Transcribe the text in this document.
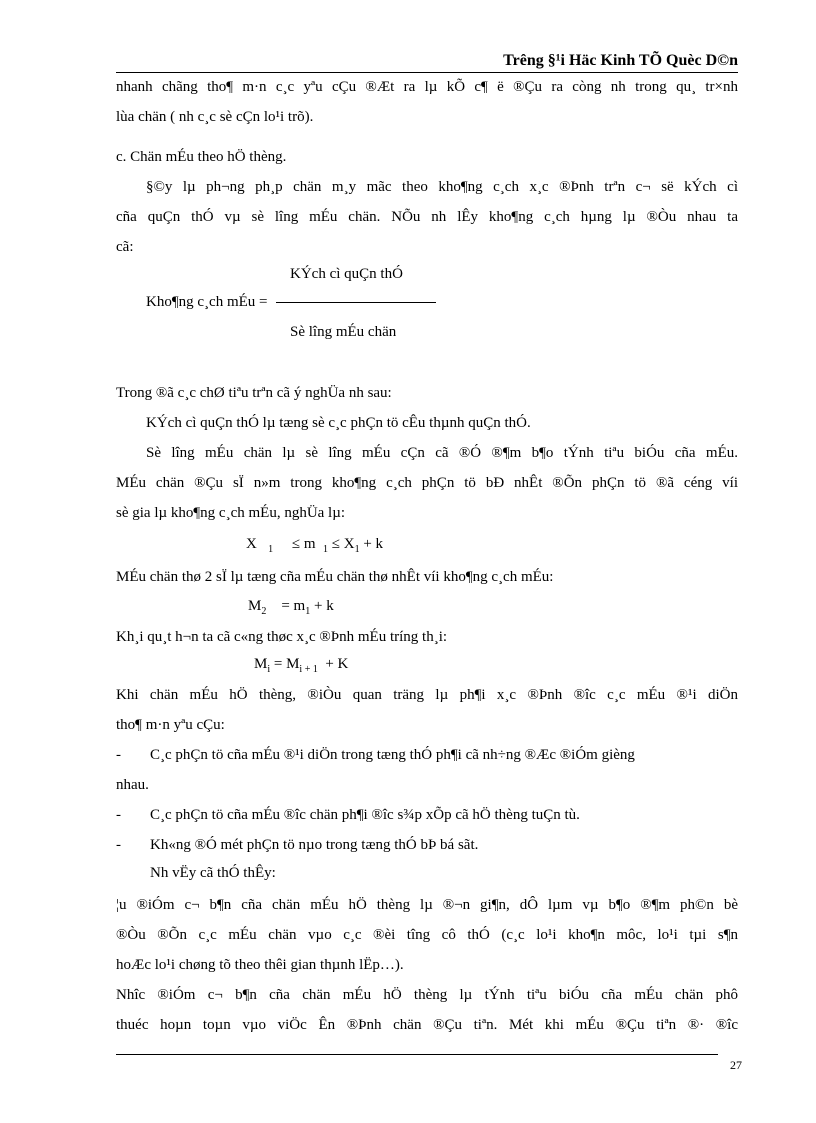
Trêng §¹i Häc Kinh TÕ Quèc D©n
nhanh chãng tho¶ m·n c¸c yªu cÇu ®Æt ra lµ kÕ c¶ ë ®Çu ra còng nh trong qu¸ tr×nh
lùa chän ( nh c¸c sè cÇn lo¹i trõ).
c. Chän mÉu theo hÖ thèng.
§©y lµ ph¬ng ph¸p chän m¸y mãc theo kho¶ng c¸ch x¸c ®Þnh trªn c¬ së kÝch cì
cña quÇn thÓ vµ sè lîng mÉu chän. NÕu nh lÊy kho¶ng c¸ch hµng lµ ®Òu nhau ta
cã:
KÝch cì quÇn thÓ
Kho¶ng c¸ch mÉu =
Sè lîng mÉu chän
Trong ®ã c¸c chØ tiªu trªn cã ý nghÜa nh sau:
KÝch cì quÇn thÓ lµ tæng sè c¸c phÇn tö cÊu thµnh quÇn thÓ.
Sè lîng mÉu chän lµ sè lîng mÉu cÇn cã ®Ó ®¶m b¶o tÝnh tiªu biÓu cña mÉu.
MÉu chän ®Çu sÏ n»m trong kho¶ng c¸ch phÇn tö bÐ nhÊt ®Õn phÇn tö ®ã céng víi
sè gia lµ kho¶ng c¸ch mÉu, nghÜa lµ:
X $_1$ ≤ m $_1 \le X_1 + k$
MÉu chän thø 2 sÏ lµ tæng cña mÉu chän thø nhÊt víi kho¶ng c¸ch mÉu:
$M_2 = m_1 + k$
Kh¸i qu¸t h¬n ta cã c«ng thøc x¸c ®Þnh mÉu tríng th¸i:
$M_i = M_{i + 1} + K$
Khi chän mÉu hÖ thèng, ®iÒu quan träng lµ ph¶i x¸c ®Þnh ®îc c¸c mÉu ®¹i diÖn
tho¶ m·n yªu cÇu:
- C¸c phÇn tö cña mÉu ®¹i diÖn trong tæng thÓ ph¶i cã nh÷ng ®Æc ®iÓm gièng
nhau.
- C¸c phÇn tö cña mÉu ®îc chän ph¶i ®îc s¾p xÕp cã hÖ thèng tuÇn tù.
- Kh«ng ®Ó mét phÇn tö nµo trong tæng thÓ bÞ bá sãt.
Nh vËy cã thÓ thÊy:
¦u ®iÓm c¬ b¶n cña chän mÉu hÖ thèng lµ ®¬n gi¶n, dÔ lµm vµ b¶o ®¶m ph©n bè
®Òu ®Õn c¸c mÉu chän vµo c¸c ®èi tîng cô thÓ (c¸c lo¹i kho¶n môc, lo¹i tµi s¶n
hoÆc lo¹i chøng tõ theo thêi gian thµnh lËp…).
Nhîc ®iÓm c¬ b¶n cña chän mÉu hÖ thèng lµ tÝnh tiªu biÓu cña mÉu chän phô
thuéc hoµn toµn vµo viÖc Ên ®Þnh chän ®Çu tiªn. Mét khi mÉu ®Çu tiªn ®· ®îc
27
